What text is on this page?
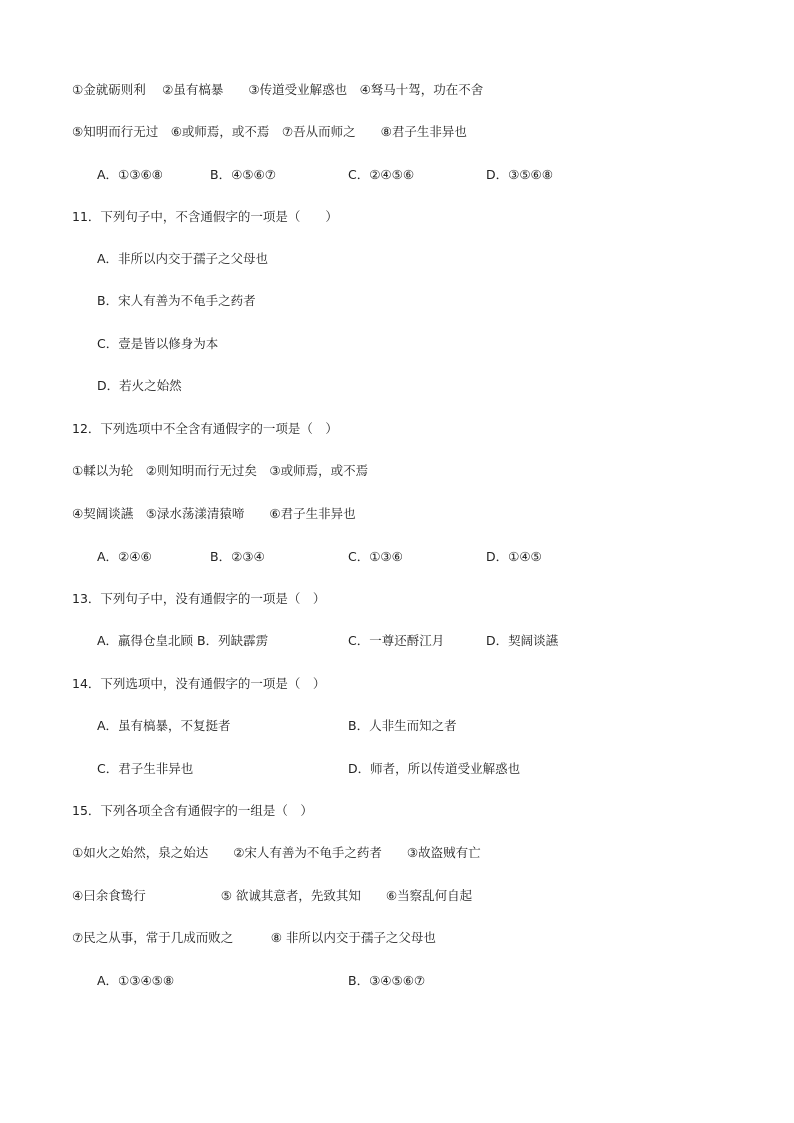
①金就砺则利　 ②虽有槁暴　　③传道受业解惑也　④驽马十驾，功在不舍
⑤知明而行无过　⑥或师焉，或不焉　⑦吾从而师之　　⑧君子生非异也
A．①③⑥⑧	B．④⑤⑥⑦	C．②④⑤⑥	D．③⑤⑥⑧
11．下列句子中，不含通假字的一项是（　　）
A．非所以内交于孺子之父母也
B．宋人有善为不龟手之药者
C．壹是皆以修身为本
D．若火之始然
12．下列选项中不全含有通假字的一项是（　）
①輮以为轮　②则知明而行无过矣　③或师焉，或不焉
④契阔谈讌　⑤渌水荡漾清猿啼　　⑥君子生非异也
A．②④⑥	B．②③④	C．①③⑥	D．①④⑤
13．下列句子中，没有通假字的一项是（　）
A．羸得仓皇北顾 B．列缺霹雳	C．一尊还酹江月	D．契阔谈讌
14．下列选项中，没有通假字的一项是（　）
A．虽有槁暴，不复挺者	B．人非生而知之者
C．君子生非异也	D．师者，所以传道受业解惑也
15．下列各项全含有通假字的一组是（　）
①如火之始然，泉之始达　　②宋人有善为不龟手之药者　　③故盗贼有亡
④曰余食鸷行　　　　　　⑤ 欲诚其意者，先致其知　　⑥当察乱何自起
⑦民之从事，常于几成而败之　　　⑧ 非所以内交于孺子之父母也
A．①③④⑤⑧	B．③④⑤⑥⑦
